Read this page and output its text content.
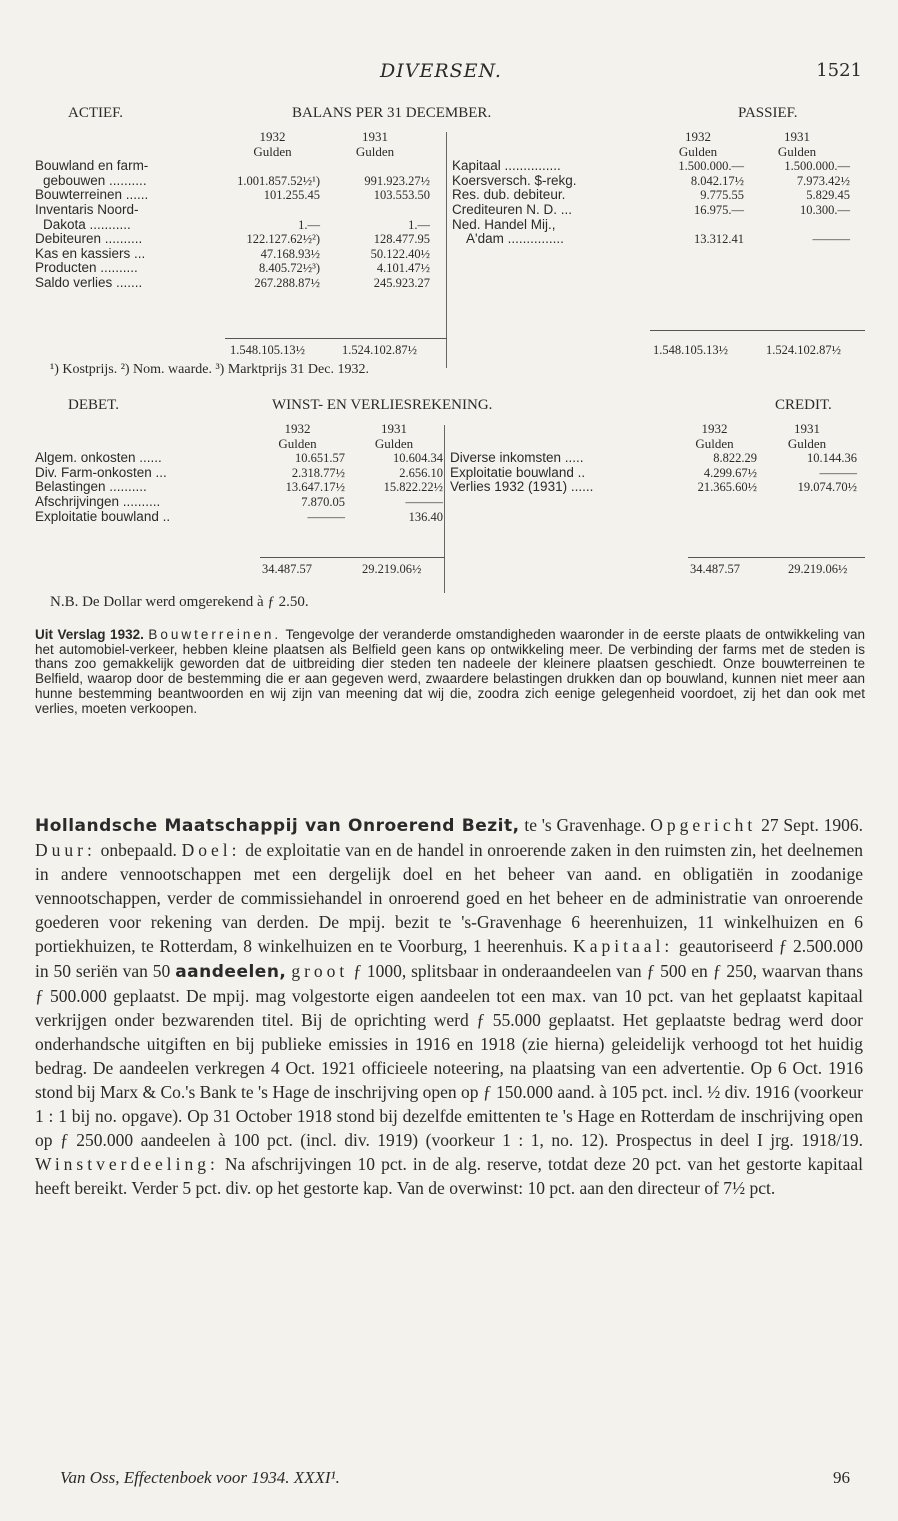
DIVERSEN.	1521
ACTIEF.	BALANS PER 31 DECEMBER.	PASSIEF.
	1932	1931
	Gulden	Gulden
Bouwland en farm-		
gebouwen ..........	1.001.857.52½¹)	991.923.27½
Bouwterreinen ......	101.255.45	103.553.50
Inventaris Noord-		
Dakota ...........	1.—	1.—
Debiteuren ..........	122.127.62½²)	128.477.95
Kas en kassiers ...	47.168.93½	50.122.40½
Producten ..........	8.405.72½³)	4.101.47½
Saldo verlies .......	267.288.87½	245.923.27
	1932	1931
	Gulden	Gulden
Kapitaal ...............	1.500.000.—	1.500.000.—
Koersversch. $-rekg.	8.042.17½	7.973.42½
Res. dub. debiteur.	9.775.55	5.829.45
Crediteuren N. D. ...	16.975.—	10.300.—
Ned. Handel Mij.,		
A'dam ...............	13.312.41	———
1.548.105.13½	1.524.102.87½	1.548.105.13½	1.524.102.87½
¹) Kostprijs. ²) Nom. waarde. ³) Marktprijs 31 Dec. 1932.
DEBET.	WINST- EN VERLIESREKENING.	CREDIT.
	1932	1931
	Gulden	Gulden
Algem. onkosten ......	10.651.57	10.604.34
Div. Farm-onkosten ...	2.318.77½	2.656.10
Belastingen ..........	13.647.17½	15.822.22½
Afschrijvingen ..........	7.870.05	———
Exploitatie bouwland ..	———	136.40
	1932	1931
	Gulden	Gulden
Diverse inkomsten .....	8.822.29	10.144.36
Exploitatie bouwland ..	4.299.67½	———
Verlies 1932 (1931) ......	21.365.60½	19.074.70½
34.487.57	29.219.06½	34.487.57	29.219.06½
N.B. De Dollar werd omgerekend à ƒ 2.50.
Uit Verslag 1932. Bouwterreinen. Tengevolge der veranderde omstandigheden waaronder in de eerste plaats de ontwikkeling van het automobiel-verkeer, hebben kleine plaatsen als Belfield geen kans op ontwikkeling meer. De verbinding der farms met de steden is thans zoo gemakkelijk geworden dat de uitbreiding dier steden ten nadeele der kleinere plaatsen geschiedt. Onze bouwterreinen te Belfield, waarop door de bestemming die er aan gegeven werd, zwaardere belastingen drukken dan op bouwland, kunnen niet meer aan hunne bestemming beantwoorden en wij zijn van meening dat wij die, zoodra zich eenige gelegenheid voordoet, zij het dan ook met verlies, moeten verkoopen.
Hollandsche Maatschappij van Onroerend Bezit, te 's Gravenhage. Opgericht 27 Sept. 1906. Duur: onbepaald. Doel: de exploitatie van en de handel in onroerende zaken in den ruimsten zin, het deelnemen in andere vennootschappen met een dergelijk doel en het beheer van aand. en obligatiën in zoodanige vennootschappen, verder de commissiehandel in onroerend goed en het beheer en de administratie van onroerende goederen voor rekening van derden. De mpij. bezit te 's-Gravenhage 6 heerenhuizen, 11 winkelhuizen en 6 portiekhuizen, te Rotterdam, 8 winkelhuizen en te Voorburg, 1 heerenhuis. Kapitaal: geautoriseerd ƒ 2.500.000 in 50 seriën van 50 aandeelen, groot ƒ 1000, splitsbaar in onderaandeelen van ƒ 500 en ƒ 250, waarvan thans ƒ 500.000 geplaatst. De mpij. mag volgestorte eigen aandeelen tot een max. van 10 pct. van het geplaatst kapitaal verkrijgen onder bezwarenden titel. Bij de oprichting werd ƒ 55.000 geplaatst. Het geplaatste bedrag werd door onderhandsche uitgiften en bij publieke emissies in 1916 en 1918 (zie hierna) geleidelijk verhoogd tot het huidig bedrag. De aandeelen verkregen 4 Oct. 1921 officieele noteering, na plaatsing van een advertentie. Op 6 Oct. 1916 stond bij Marx & Co.'s Bank te 's Hage de inschrijving open op ƒ 150.000 aand. à 105 pct. incl. ½ div. 1916 (voorkeur 1 : 1 bij no. opgave). Op 31 October 1918 stond bij dezelfde emittenten te 's Hage en Rotterdam de inschrijving open op ƒ 250.000 aandeelen à 100 pct. (incl. div. 1919) (voorkeur 1 : 1, no. 12). Prospectus in deel I jrg. 1918/19. Winstverdeeling: Na afschrijvingen 10 pct. in de alg. reserve, totdat deze 20 pct. van het gestorte kapitaal heeft bereikt. Verder 5 pct. div. op het gestorte kap. Van de overwinst: 10 pct. aan den directeur of 7½ pct.
Van Oss, Effectenboek voor 1934. XXXI¹.	96
